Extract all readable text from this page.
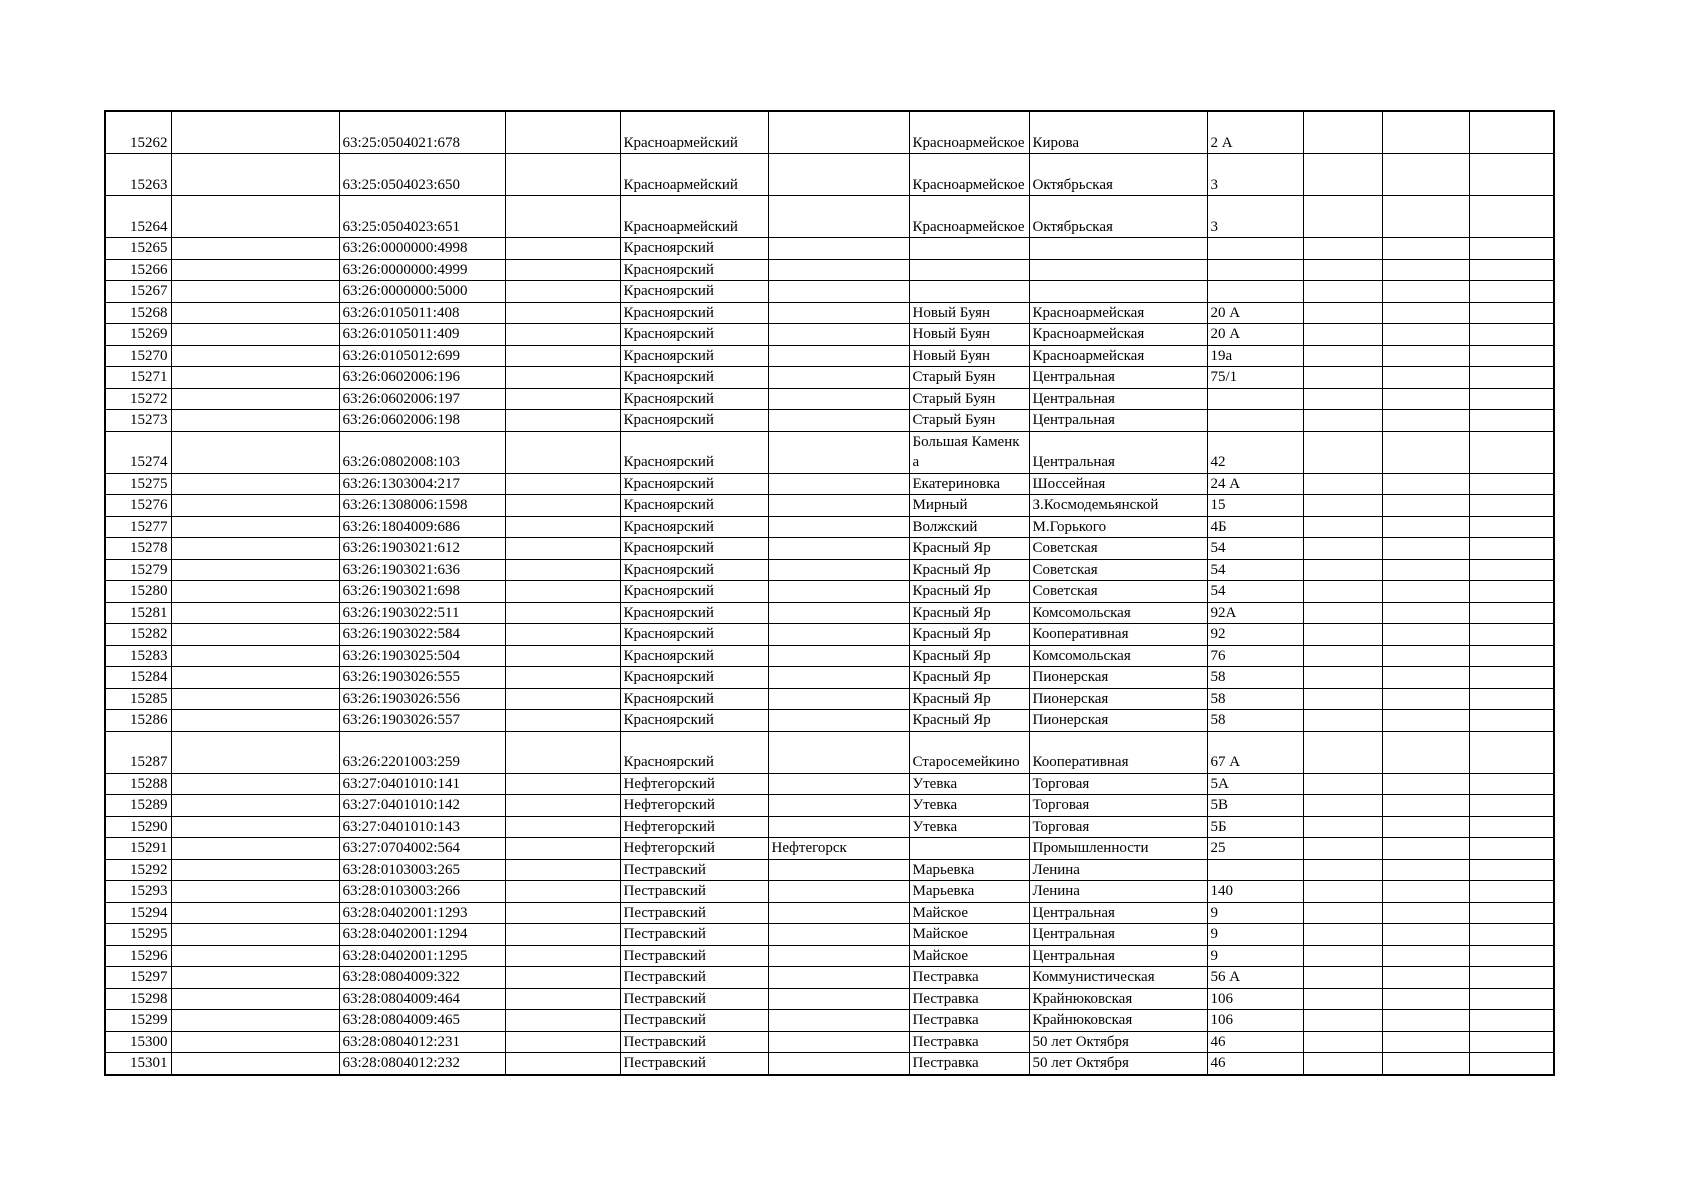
15262		63:25:0504021:678		Красноармейский		Красноармейское	Кирова	2 А			
15263		63:25:0504023:650		Красноармейский		Красноармейское	Октябрьская	3			
15264		63:25:0504023:651		Красноармейский		Красноармейское	Октябрьская	3			
15265		63:26:0000000:4998		Красноярский							
15266		63:26:0000000:4999		Красноярский							
15267		63:26:0000000:5000		Красноярский							
15268		63:26:0105011:408		Красноярский		Новый Буян	Красноармейская	20 А			
15269		63:26:0105011:409		Красноярский		Новый Буян	Красноармейская	20 А			
15270		63:26:0105012:699		Красноярский		Новый Буян	Красноармейская	19а			
15271		63:26:0602006:196		Красноярский		Старый Буян	Центральная	75/1			
15272		63:26:0602006:197		Красноярский		Старый Буян	Центральная				
15273		63:26:0602006:198		Красноярский		Старый Буян	Центральная				
15274		63:26:0802008:103		Красноярский		Большая Каменка	Центральная	42			
15275		63:26:1303004:217		Красноярский		Екатериновка	Шоссейная	24 А			
15276		63:26:1308006:1598		Красноярский		Мирный	З.Космодемьянской	15			
15277		63:26:1804009:686		Красноярский		Волжский	М.Горького	4Б			
15278		63:26:1903021:612		Красноярский		Красный Яр	Советская	54			
15279		63:26:1903021:636		Красноярский		Красный Яр	Советская	54			
15280		63:26:1903021:698		Красноярский		Красный Яр	Советская	54			
15281		63:26:1903022:511		Красноярский		Красный Яр	Комсомольская	92А			
15282		63:26:1903022:584		Красноярский		Красный Яр	Кооперативная	92			
15283		63:26:1903025:504		Красноярский		Красный Яр	Комсомольская	76			
15284		63:26:1903026:555		Красноярский		Красный Яр	Пионерская	58			
15285		63:26:1903026:556		Красноярский		Красный Яр	Пионерская	58			
15286		63:26:1903026:557		Красноярский		Красный Яр	Пионерская	58			
15287		63:26:2201003:259		Красноярский		Старосемейкино	Кооперативная	67 А			
15288		63:27:0401010:141		Нефтегорский		Утевка	Торговая	5А			
15289		63:27:0401010:142		Нефтегорский		Утевка	Торговая	5В			
15290		63:27:0401010:143		Нефтегорский		Утевка	Торговая	5Б			
15291		63:27:0704002:564		Нефтегорский	Нефтегорск		Промышленности	25			
15292		63:28:0103003:265		Пестравский		Марьевка	Ленина				
15293		63:28:0103003:266		Пестравский		Марьевка	Ленина	140			
15294		63:28:0402001:1293		Пестравский		Майское	Центральная	9			
15295		63:28:0402001:1294		Пестравский		Майское	Центральная	9			
15296		63:28:0402001:1295		Пестравский		Майское	Центральная	9			
15297		63:28:0804009:322		Пестравский		Пестравка	Коммунистическая	56 А			
15298		63:28:0804009:464		Пестравский		Пестравка	Крайнюковская	106			
15299		63:28:0804009:465		Пестравский		Пестравка	Крайнюковская	106			
15300		63:28:0804012:231		Пестравский		Пестравка	50 лет Октября	46			
15301		63:28:0804012:232		Пестравский		Пестравка	50 лет Октября	46			
